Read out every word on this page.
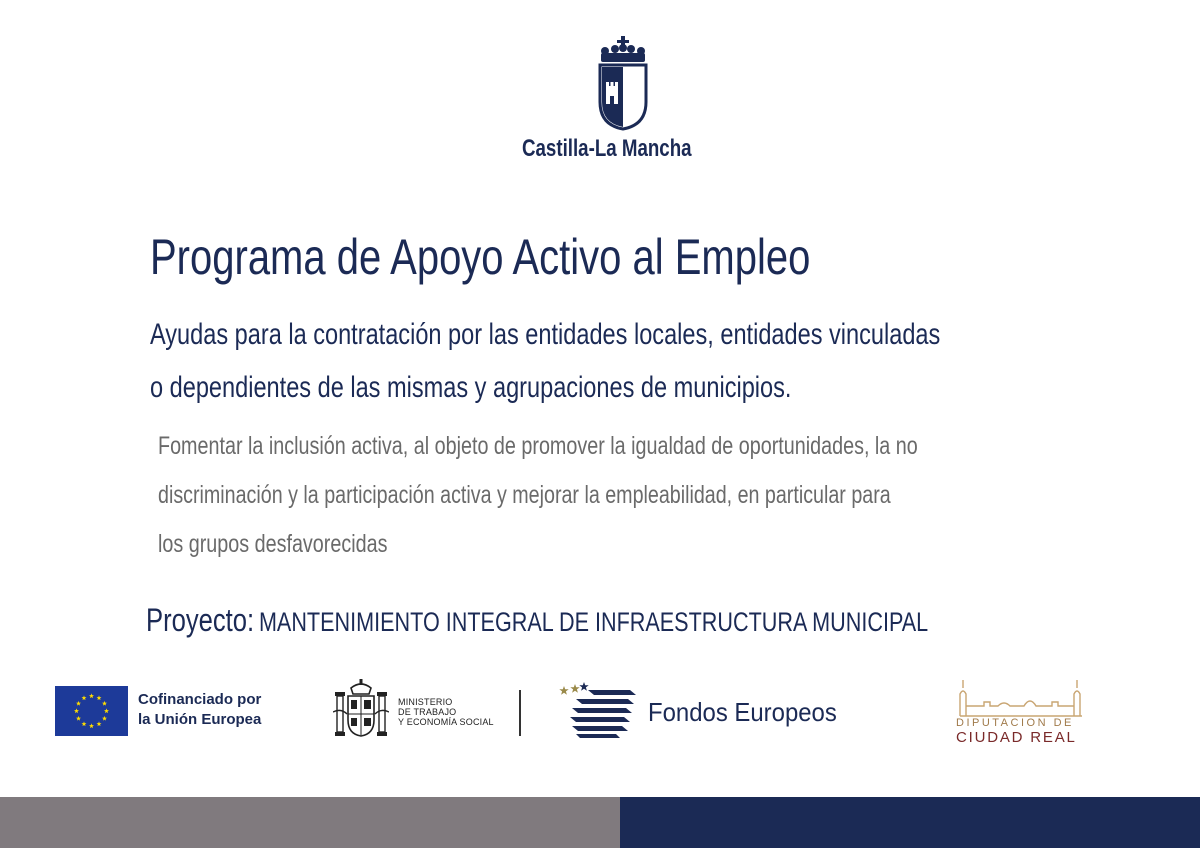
Castilla-La Mancha
Programa de Apoyo Activo al Empleo
Ayudas para la contratación por las entidades locales, entidades vinculadas
o dependientes de las mismas y agrupaciones de municipios.
Fomentar la inclusión activa, al objeto de promover la igualdad de oportunidades, la no
discriminación y la participación activa y mejorar la empleabilidad, en particular para
los grupos desfavorecidas
Proyecto: MANTENIMIENTO INTEGRAL DE INFRAESTRUCTURA MUNICIPAL
Cofinanciado por
la Unión Europea
MINISTERIO
DE TRABAJO
Y ECONOMÍA SOCIAL	Fondos Europeos	DIPUTACION DE
CIUDAD REAL
